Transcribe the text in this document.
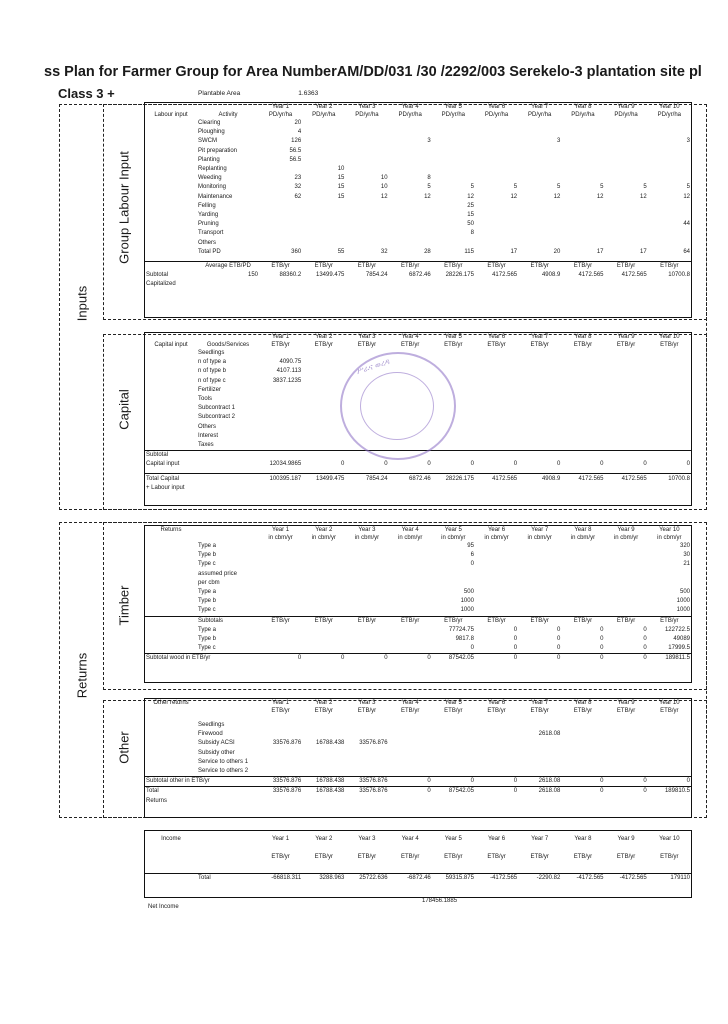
ss Plan for Farmer Group for Area NumberAM/DD/031 /30 /2292/003 Serekelo-3 plantation site pl
Class 3 +	Plantable Area	1.6363
Inputs
Group Labour Input
Capital
Returns
Timber
Other
		Year 1	Year 2	Year 3	Year 4	Year 5	Year 6	Year 7	Year 8	Year 9	Year 10
Labour input	Activity	PD/yr/ha	PD/yr/ha	PD/yr/ha	PD/yr/ha	PD/yr/ha	PD/yr/ha	PD/yr/ha	PD/yr/ha	PD/yr/ha	PD/yr/ha
	Clearing	20									
	Ploughing	4									
	SWCM	126			3			3			3
	Pit preparation	56.5									
	Planting	56.5									
	Replanting		10								
	Weeding	23	15	10	8						
	Monitoring	32	15	10	5	5	5	5	5	5	5
	Maintenance	62	15	12	12	12	12	12	12	12	12
	Felling					25					
	Yarding					15					
	Pruning					50					44
	Transport					8					
	Others										
	Total PD	360	55	32	28	115	17	20	17	17	64

	Average ETB/PD	ETB/yr	ETB/yr	ETB/yr	ETB/yr	ETB/yr	ETB/yr	ETB/yr	ETB/yr	ETB/yr	ETB/yr
Subtotal	150	88360.2	13499.475	7854.24	6872.46	28226.175	4172.565	4908.9	4172.565	4172.565	10700.8
Capitalized											
		Year 1	Year 2	Year 3	Year 4	Year 5	Year 6	Year 7	Year 8	Year 9	Year 10
Capital input	Goods/Services	ETB/yr	ETB/yr	ETB/yr	ETB/yr	ETB/yr	ETB/yr	ETB/yr	ETB/yr	ETB/yr	ETB/yr
	Seedlings										
	n of type a	4090.75									
	n of type b	4107.113									
	n of type c	3837.1235									
	Fertilizer										
	Tools										
	Subcontract 1										
	Subcontract 2										
	Others										
	Interest										
	Taxes										
Subtotal											
Capital input		12034.9865	0	0	0	0	0	0	0	0	0

Total Capital		100395.187	13499.475	7854.24	6872.46	28226.175	4172.565	4908.9	4172.565	4172.565	10700.8
+ Labour input											
ሥራና ወረዳ
Returns		Year 1	Year 2	Year 3	Year 4	Year 5	Year 6	Year 7	Year 8	Year 9	Year 10
		in cbm/yr	in cbm/yr	in cbm/yr	in cbm/yr	in cbm/yr	in cbm/yr	in cbm/yr	in cbm/yr	in cbm/yr	in cbm/yr
	Type a					95					320
	Type b					6					30
	Type c					0					21
	assumed price										
	per cbm										
	Type a					500					500
	Type b					1000					1000
	Type c					1000					1000
	Subtotals	ETB/yr	ETB/yr	ETB/yr	ETB/yr	ETB/yr	ETB/yr	ETB/yr	ETB/yr	ETB/yr	ETB/yr
	Type a					77724.75	0	0	0	0	122722.5
	Type b					9817.8	0	0	0	0	49089
	Type c					0	0	0	0	0	17999.5
Subtotal wood in ETB/yr		0	0	0	0	87542.05	0	0	0	0	189811.5
Other returns		Year 1	Year 2	Year 3	Year 4	Year 5	Year 6	Year 7	Year 8	Year 9	Year 10
		ETB/yr	ETB/yr	ETB/yr	ETB/yr	ETB/yr	ETB/yr	ETB/yr	ETB/yr	ETB/yr	ETB/yr

	Seedlings										
	Firewood							2618.08			
	Subsidy ACSI	33576.876	16788.438	33576.876							
	Subsidy other										
	Service to others 1										
	Service to others 2										
Subtotal other in ETB/yr		33576.876	16788.438	33576.876	0	0	0	2618.08	0	0	0
Total		33576.876	16788.438	33576.876	0	87542.05	0	2618.08	0	0	189810.5
Returns											

Income		Year 1	Year 2	Year 3	Year 4	Year 5	Year 6	Year 7	Year 8	Year 9	Year 10

		ETB/yr	ETB/yr	ETB/yr	ETB/yr	ETB/yr	ETB/yr	ETB/yr	ETB/yr	ETB/yr	ETB/yr

	Total	-66818.311	3288.963	25722.636	-6872.46	59315.875	-4172.565	-2290.82	-4172.565	-4172.565	179110
Net Income
178456.1885
